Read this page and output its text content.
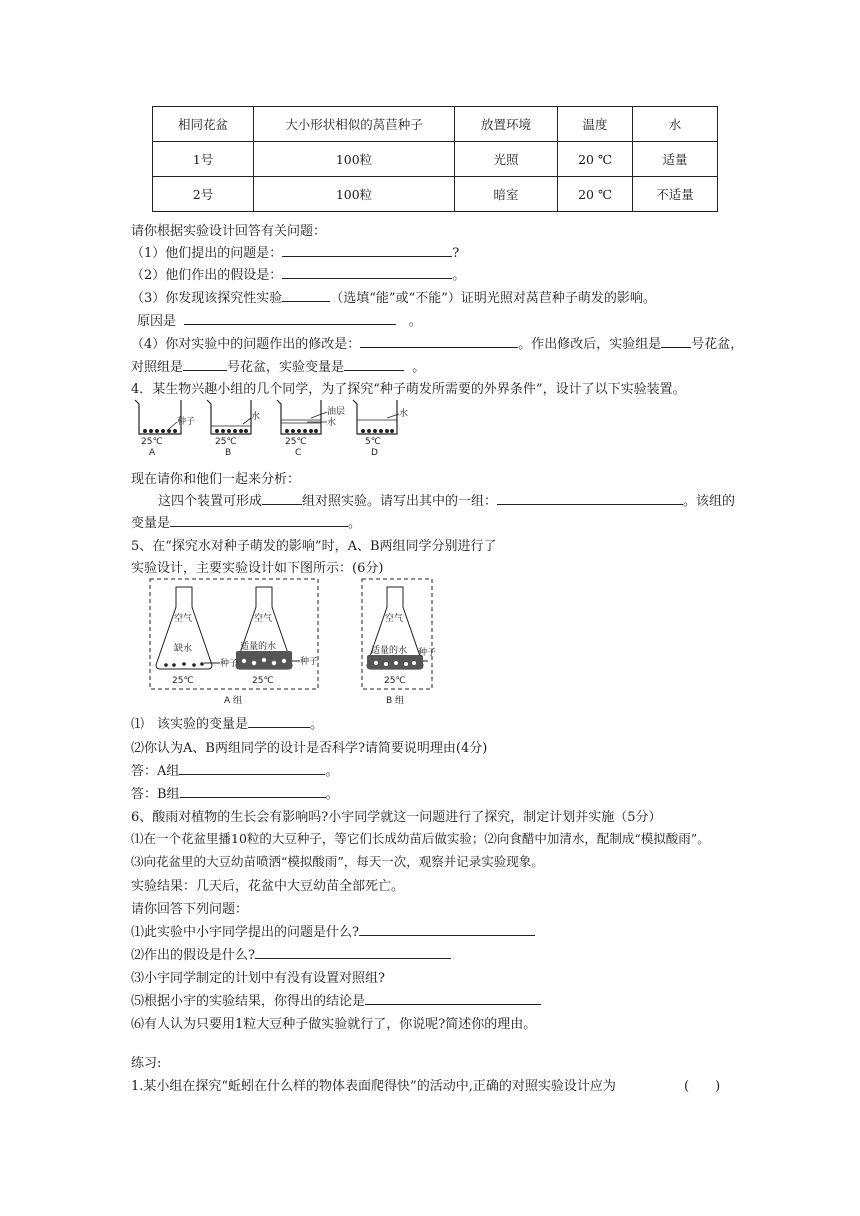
相同花盆	大小形状相似的莴苣种子	放置环境	温度	水
1号	100粒	光照	20 ℃	适量
2号	100粒	暗室	20 ℃	不适量
请你根据实验设计回答有关问题：
（1）他们提出的问题是：	?
（2）他们作出的假设是：	。
（3）你发现该探究性实验	（选填“能”或“不能”）证明光照对莴苣种子萌发的影响。
原因是	。
（4）你对实验中的问题作出的修改是：	。作出修改后，实验组是 号花盆，
对照组是	号花盆，实验变量是	。
4．某生物兴趣小组的几个同学，为了探究“种子萌发所需要的外界条件”，设计了以下实验装置。
种子	水	油层
水
水
25℃	25℃	25℃	5℃
A	B	C	D
现在请你和他们一起来分析：
这四个装置可形成	组对照实验。请写出其中的一组：	。该组的
变量是	。
5、在“探究水对种子萌发的影响”时，A、B两组同学分别进行了
实验设计，主要实验设计如下图所示：(6分)
空气	空气	空气
缺水	适量的水	适量的水
种子	种子
种子
25℃	25℃	25℃
A 组	B 组
⑴　该实验的变量是	。
⑵你认为A、B两组同学的设计是否科学?请简要说明理由(4分)
答：A组	。
答：B组	。
6、酸雨对植物的生长会有影响吗?小宇同学就这一问题进行了探究，制定计划并实施（5分）
⑴在一个花盆里播10粒的大豆种子，等它们长成幼苗后做实验；⑵向食醋中加清水，配制成“模拟酸雨”。
⑶向花盆里的大豆幼苗喷洒“模拟酸雨”，每天一次，观察并记录实验现象。
实验结果：几天后，花盆中大豆幼苗全部死亡。
请你回答下列问题：
⑴此实验中小宇同学提出的问题是什么?
⑵作出的假设是什么?
⑶小宇同学制定的计划中有没有设置对照组?
⑸根据小宇的实验结果，你得出的结论是
⑹有人认为只要用1粒大豆种子做实验就行了，你说呢?简述你的理由。
练习:
1.某小组在探究“蚯蚓在什么样的物体表面爬得快”的活动中,正确的对照实验设计应为	(　　)
